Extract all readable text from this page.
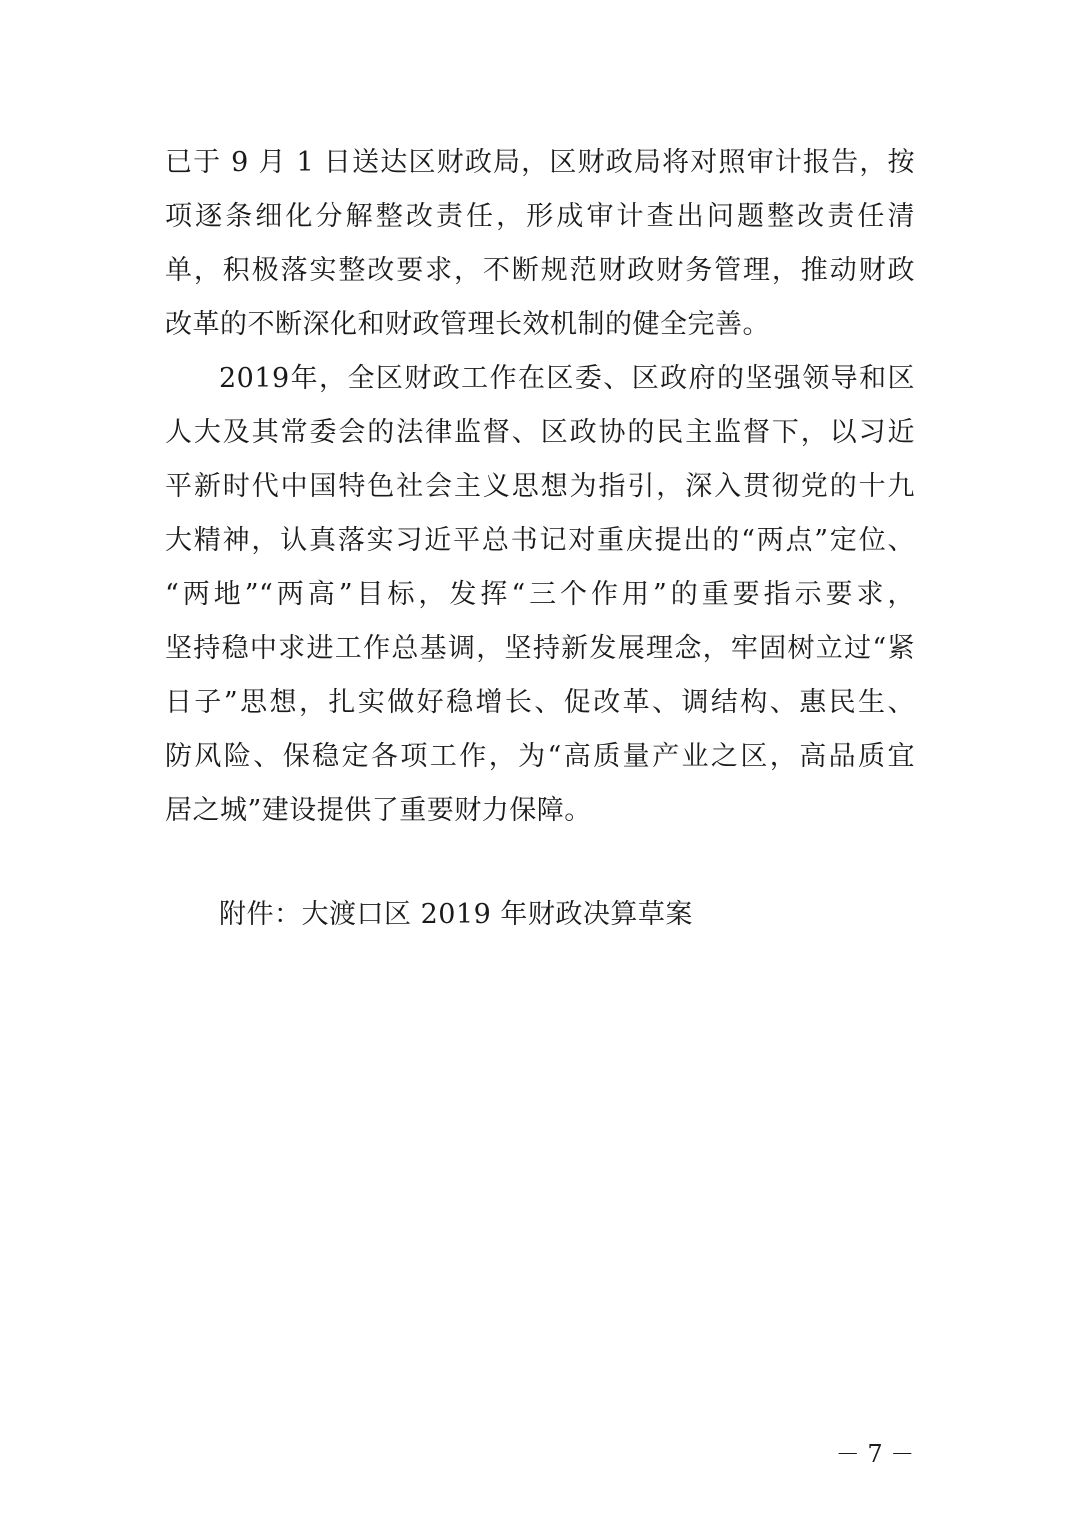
已于 9 月 1 日送达区财政局，区财政局将对照审计报告，按
项逐条细化分解整改责任，形成审计查出问题整改责任清
单，积极落实整改要求，不断规范财政财务管理，推动财政
改革的不断深化和财政管理长效机制的健全完善。
2019年，全区财政工作在区委、区政府的坚强领导和区
人大及其常委会的法律监督、区政协的民主监督下，以习近
平新时代中国特色社会主义思想为指引，深入贯彻党的十九
大精神，认真落实习近平总书记对重庆提出的“两点”定位、
“两地”“两高”目标，发挥“三个作用”的重要指示要求，
坚持稳中求进工作总基调，坚持新发展理念，牢固树立过“紧
日子”思想，扎实做好稳增长、促改革、调结构、惠民生、
防风险、保稳定各项工作，为“高质量产业之区，高品质宜
居之城”建设提供了重要财力保障。
附件：大渡口区 2019 年财政决算草案
－ 7 －
